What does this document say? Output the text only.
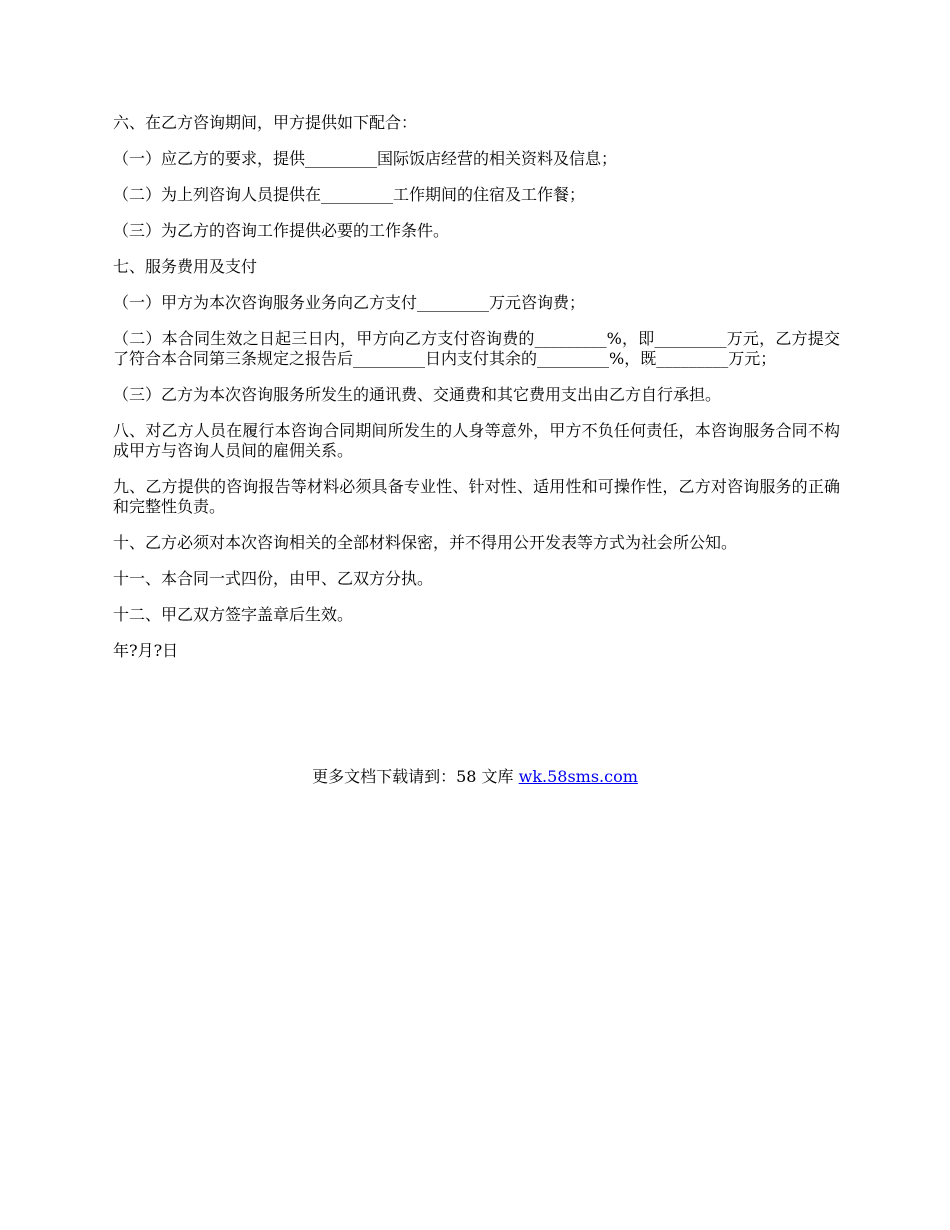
六、在乙方咨询期间，甲方提供如下配合：

（一）应乙方的要求，提供_________国际饭店经营的相关资料及信息；

（二）为上列咨询人员提供在_________工作期间的住宿及工作餐；

（三）为乙方的咨询工作提供必要的工作条件。

七、服务费用及支付

（一）甲方为本次咨询服务业务向乙方支付_________万元咨询费；

（二）本合同生效之日起三日内，甲方向乙方支付咨询费的_________%，即_________万元，乙方提交了符合本合同第三条规定之报告后_________日内支付其余的_________%，既_________万元；

（三）乙方为本次咨询服务所发生的通讯费、交通费和其它费用支出由乙方自行承担。

八、对乙方人员在履行本咨询合同期间所发生的人身等意外，甲方不负任何责任，本咨询服务合同不构成甲方与咨询人员间的雇佣关系。

九、乙方提供的咨询报告等材料必须具备专业性、针对性、适用性和可操作性，乙方对咨询服务的正确和完整性负责。

十、乙方必须对本次咨询相关的全部材料保密，并不得用公开发表等方式为社会所公知。

十一、本合同一式四份，由甲、乙双方分执。

十二、甲乙双方签字盖章后生效。

年?月?日

更多文档下载请到：58 文库 wk.58sms.com
